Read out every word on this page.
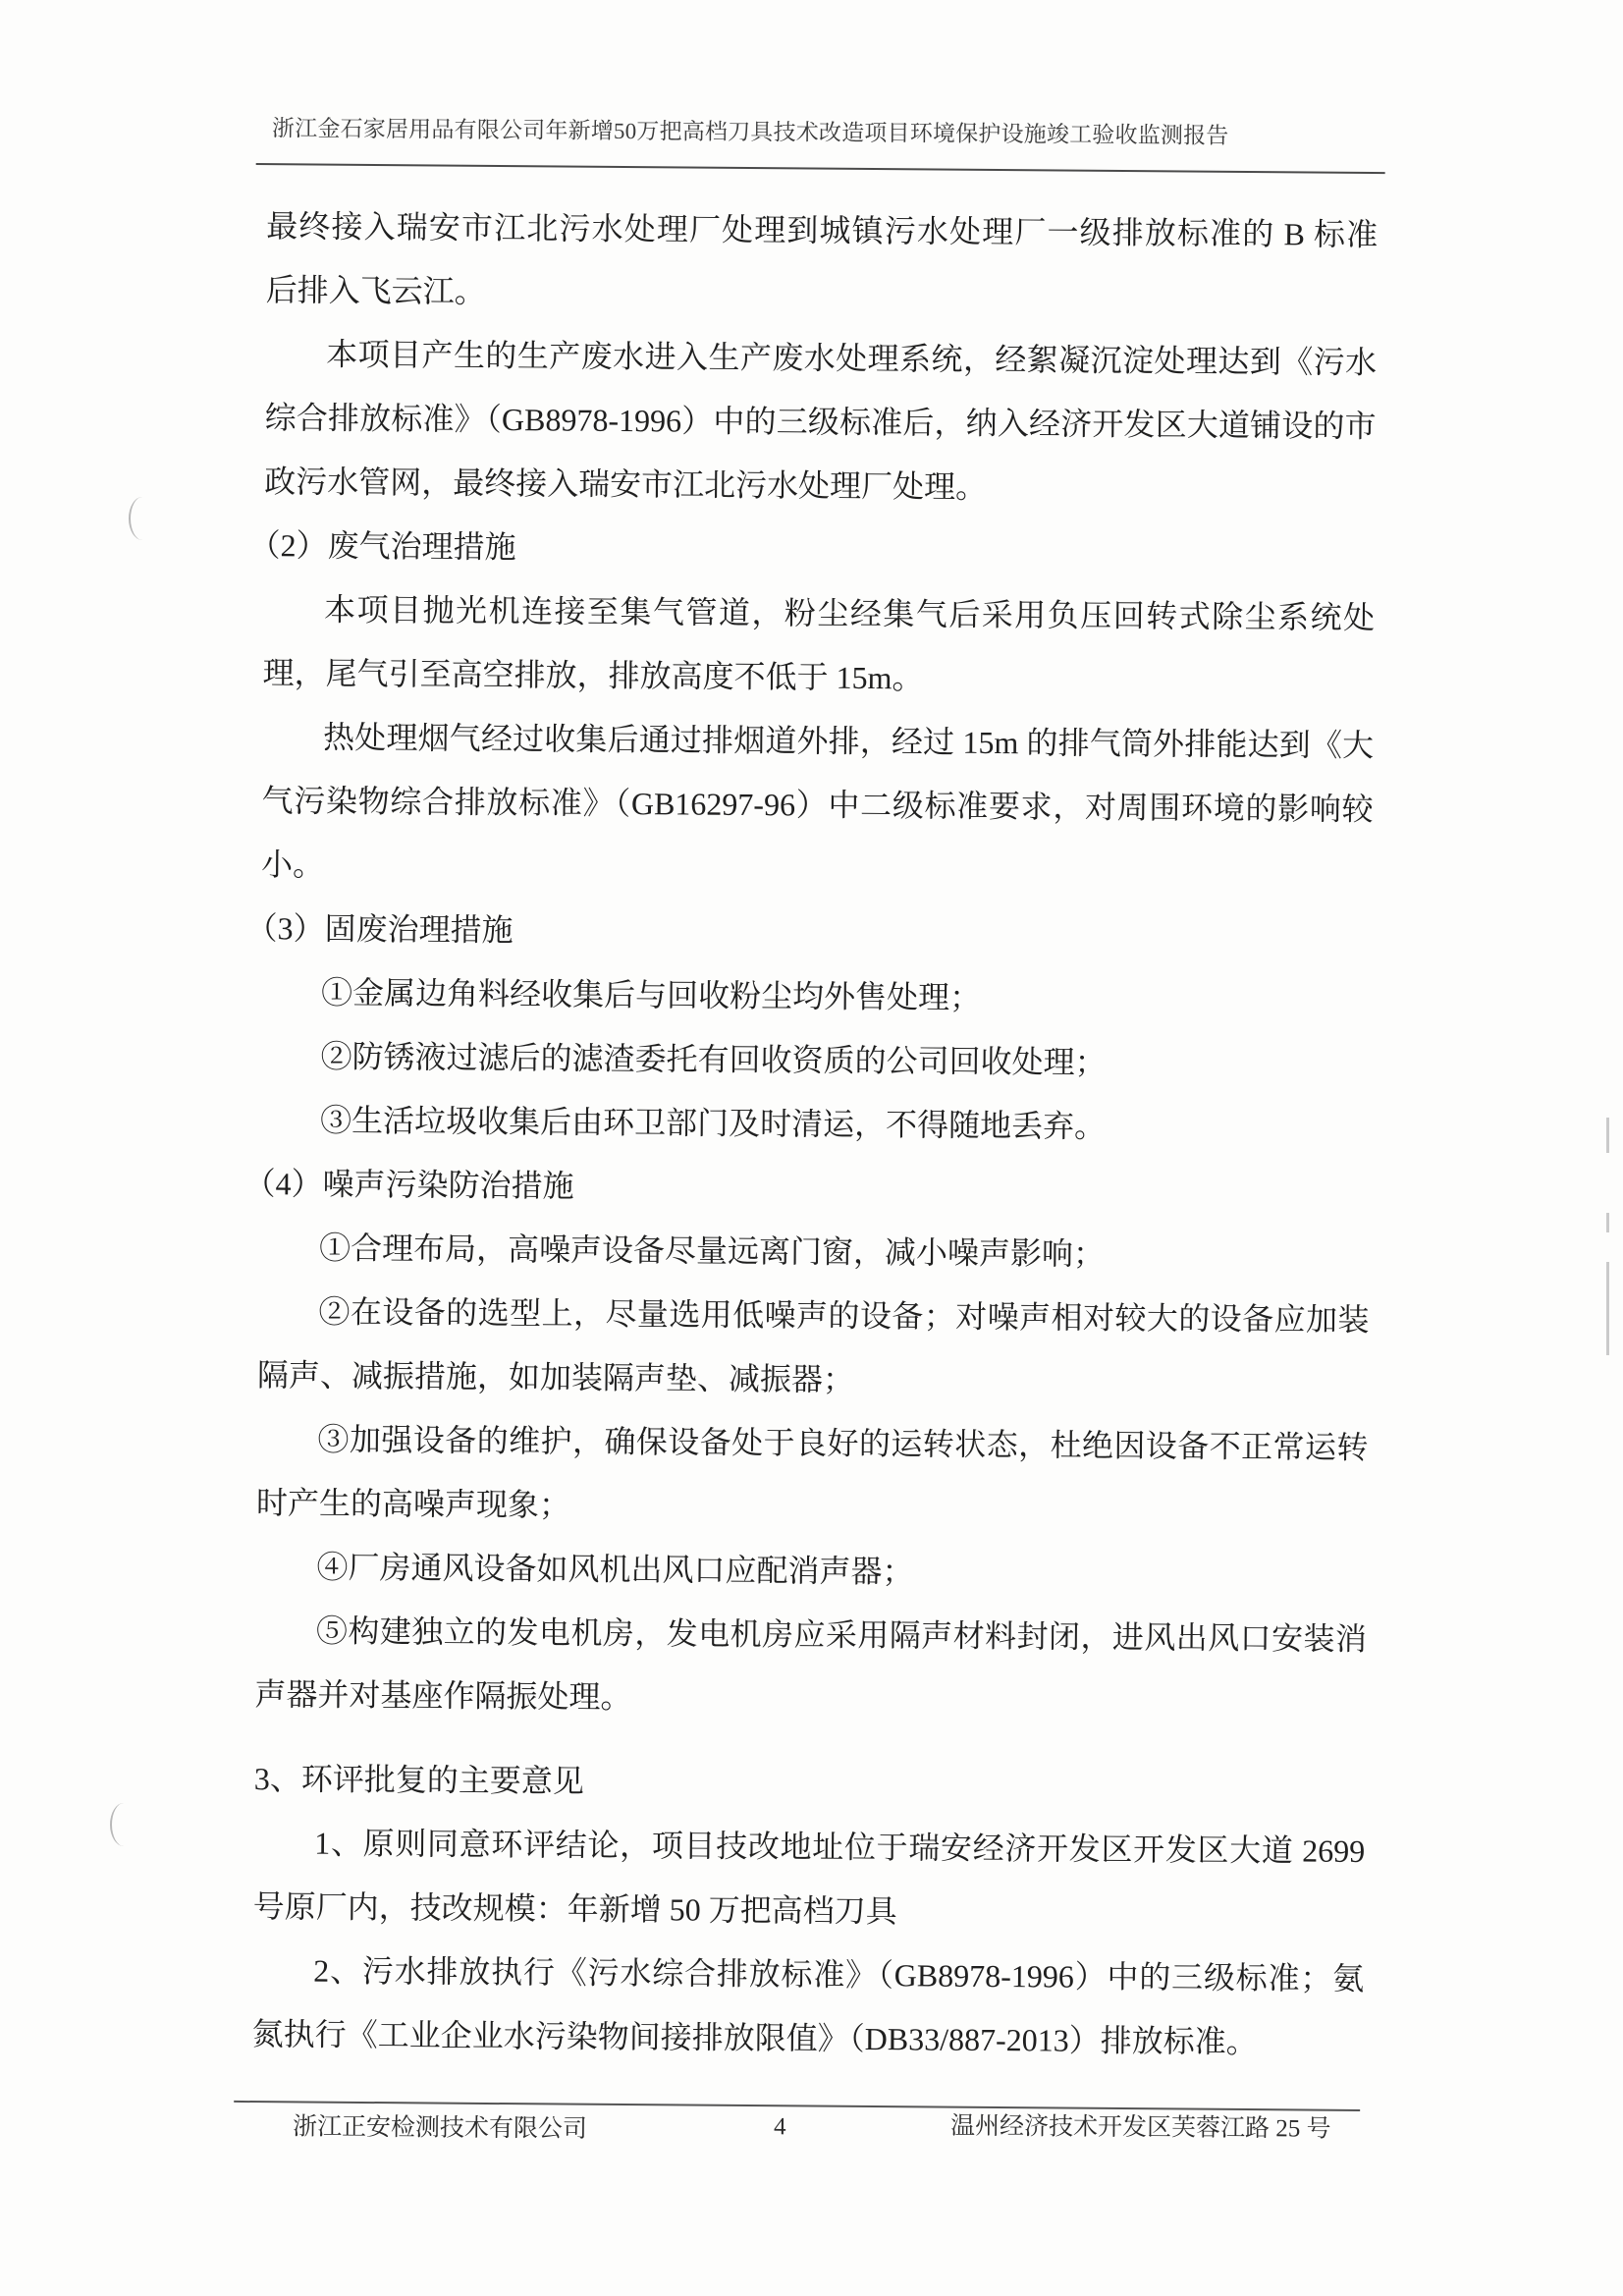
浙江金石家居用品有限公司年新增50万把高档刀具技术改造项目环境保护设施竣工验收监测报告
最终接入瑞安市江北污水处理厂处理到城镇污水处理厂一级排放标准的 B 标准
后排入飞云江。
本项目产生的生产废水进入生产废水处理系统，经絮凝沉淀处理达到《污水
综合排放标准》（GB8978-1996）中的三级标准后，纳入经济开发区大道铺设的市
政污水管网，最终接入瑞安市江北污水处理厂处理。
（2）废气治理措施
本项目抛光机连接至集气管道，粉尘经集气后采用负压回转式除尘系统处
理，尾气引至高空排放，排放高度不低于 15m。
热处理烟气经过收集后通过排烟道外排，经过 15m 的排气筒外排能达到《大
气污染物综合排放标准》（GB16297-96）中二级标准要求，对周围环境的影响较
小。
（3）固废治理措施
①金属边角料经收集后与回收粉尘均外售处理；
②防锈液过滤后的滤渣委托有回收资质的公司回收处理；
③生活垃圾收集后由环卫部门及时清运，不得随地丢弃。
（4）噪声污染防治措施
①合理布局，高噪声设备尽量远离门窗，减小噪声影响；
②在设备的选型上，尽量选用低噪声的设备；对噪声相对较大的设备应加装
隔声、减振措施，如加装隔声垫、减振器；
③加强设备的维护，确保设备处于良好的运转状态，杜绝因设备不正常运转
时产生的高噪声现象；
④厂房通风设备如风机出风口应配消声器；
⑤构建独立的发电机房，发电机房应采用隔声材料封闭，进风出风口安装消
声器并对基座作隔振处理。
3、环评批复的主要意见
1、原则同意环评结论，项目技改地址位于瑞安经济开发区开发区大道 2699
号原厂内，技改规模：年新增 50 万把高档刀具
2、污水排放执行《污水综合排放标准》（GB8978-1996）中的三级标准；氨
氮执行《工业企业水污染物间接排放限值》（DB33/887-2013）排放标准。
浙江正安检测技术有限公司	4	温州经济技术开发区芙蓉江路 25 号
